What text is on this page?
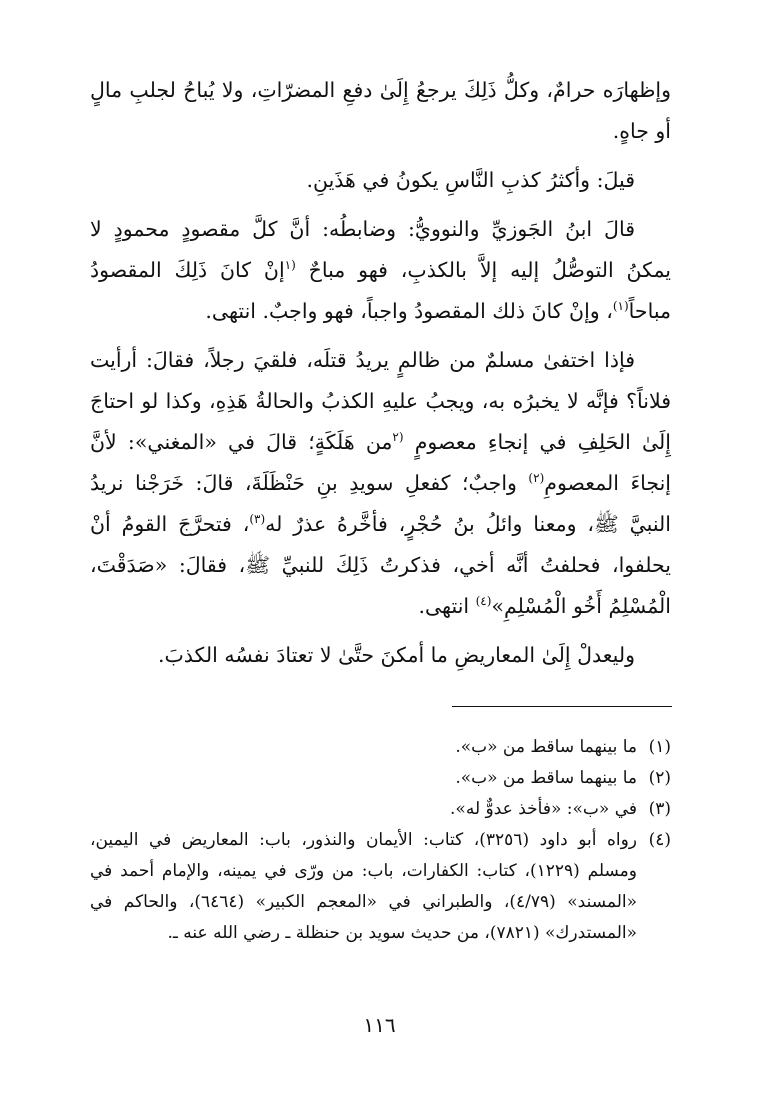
وإظهارَه حرامٌ، وكلُّ ذَلِكَ يرجعُ إِلَىٰ دفعِ المضرّاتِ، ولا يُباحُ لجلبِ مالٍ أو جاهٍ.

قيلَ: وأكثرُ كذبِ النَّاسِ يكونُ في هَذَينِ.

قالَ ابنُ الجَوزيِّ والنوويُّ: وضابطُه: أنَّ كلَّ مقصودٍ محمودٍ لا يمكنُ التوصُّلُ إليه إلاَّ بالكذبِ، فهو مباحٌ $^{(١}$إنْ كانَ ذَلِكَ المقصودُ مباحاً$^{(١)}$، وإنْ كانَ ذلك المقصودُ واجباً، فهو واجبٌ. انتهى.

فإذا اختفىٰ مسلمٌ من ظالمٍ يريدُ قتلَه، فلقيَ رجلاً، فقالَ: أرأيت فلاناً؟ فإنَّه لا يخبرُه به، ويجبُ عليهِ الكذبُ والحالةُ هَذِهِ، وكذا لو احتاجَ إِلَىٰ الحَلِفِ في إنجاءِ معصومٍ $^{(٢}$من هَلَكَةٍ؛ قالَ في «المغني»: لأنَّ إنجاءَ المعصومِ$^{(٢)}$ واجبٌ؛ كفعلِ سويدِ بنِ حَنْظَلَةَ، قالَ: خَرَجْنا نريدُ النبيَّ ﷺ، ومعنا وائلُ بنُ حُجْرٍ، فأخَّرهُ عذرٌ له$^{(٣)}$، فتحرَّجَ القومُ أنْ يحلفوا، فحلفتُ أنَّه أخي، فذكرتُ ذَلِكَ للنبيِّ ﷺ، فقالَ: «صَدَقْتَ، الْمُسْلِمُ أَخُو الْمُسْلِمِ»$^{(٤)}$ انتهى.

وليعدلْ إِلَىٰ المعاريضِ ما أمكنَ حتَّىٰ لا تعتادَ نفسُه الكذبَ.

(١)
ما بينهما ساقط من «ب».
(٢)
ما بينهما ساقط من «ب».
(٣)
في «ب»: «فأخذ عدوٌّ له».
(٤)
رواه أبو داود (٣٢٥٦)، كتاب: الأيمان والنذور، باب: المعاريض في اليمين، ومسلم (١٢٢٩)، كتاب: الكفارات، باب: من ورّى في يمينه، والإمام أحمد في «المسند» (٤/٧٩)، والطبراني في «المعجم الكبير» (٦٤٦٤)، والحاكم في «المستدرك» (٧٨٢١)، من حديث سويد بن حنظلة ـ رضي الله عنه ـ.
١١٦
